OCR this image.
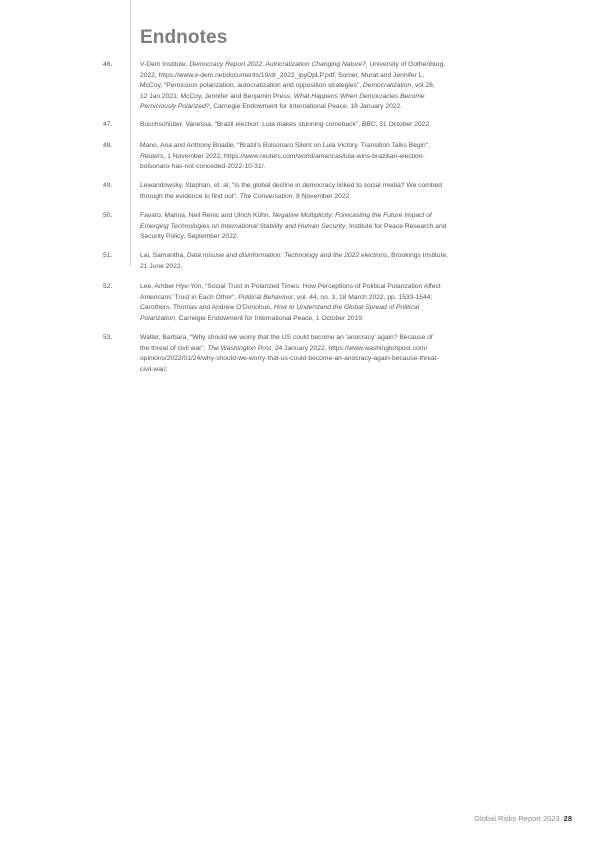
Endnotes
46.	V-Dem Institute, Democracy Report 2022: Autocratization Changing Nature?, University of Gothenburg,
2022, https://www.v-dem.net/documents/19/dr_2022_ipyOpLP.pdf; Somer, Murat and Jennifer L.
McCoy, “Pernicious polarization, autocratization and opposition strategies”, Democratization, vol 28,
12 Jan 2021; McCoy, Jennifer and Benjamin Press, What Happens When Democracies Become
Perniciously Polarized?, Carnegie Endowment for International Peace, 18 January 2022.
47.	Buschschlüter, Vanessa, “Brazil election: Lula makes stunning comeback”, BBC, 31 October 2022.
48.	Mano, Ana and Anthony Boadle, “Brazil’s Bolsonaro Silent on Lula Victory, Transition Talks Begin”,
Reuters, 1 November 2022, https://www.reuters.com/world/americas/lula-wins-brazilian-election-
bolsonaro-has-not-conceded-2022-10-31/.
49.	Lewandowsky, Stephan, et. al, “Is the global decline in democracy linked to social media? We combed
through the evidence to find out”, The Conversation, 8 November 2022.
50.	Favaro, Marina, Neil Renic and Ulrich Kühn, Negative Multiplicity: Forecasting the Future Impact of
Emerging Technologies on International Stability and Human Security, Institute for Peace Research and
Security Policy, September 2022.
51.	Lai, Samantha, Data misuse and disinformation: Technology and the 2022 elections, Brookings Institute,
21 June 2022.
52.	Lee, Amber Hye-Yon, “Social Trust in Polarized Times: How Perceptions of Political Polarization Affect
Americans’ Trust in Each Other”, Political Behaviour, vol. 44, no. 3, 18 March 2022, pp. 1533-1544;
Carothers, Thomas and Andrew O’Donohue, How to Understand the Global Spread of Political
Polarization, Carnegie Endowment for International Peace, 1 October 2019.
53.	Walter, Barbara, “Why should we worry that the US could become an ‘anocracy’ again? Because of
the threat of civil war”, The Washington Post, 24 January 2022, https://www.washingtonpost.com/
opinions/2022/01/24/why-should-we-worry-that-us-could-become-an-anocracy-again-because-threat-
civil-war/.
Global Risks Report 2023 28
